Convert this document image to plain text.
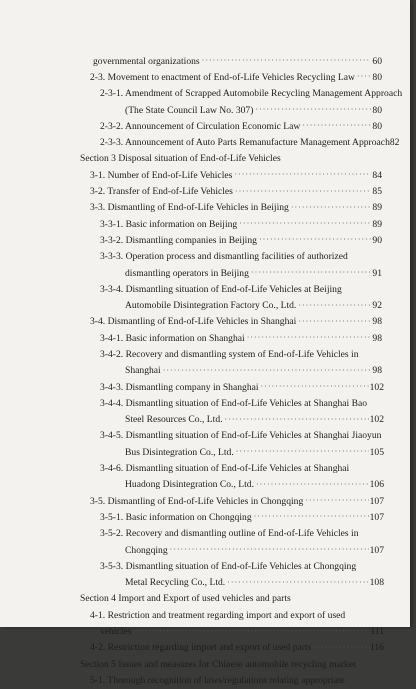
governmental organizations ·····	60
2-3. Movement to enactment of End-of-Life Vehicles Recycling Law ····· 80
2-3-1. Amendment of Scrapped Automobile Recycling Management Approach
(The State Council Law No. 307) ·····	80
2-3-2. Announcement of Circulation Economic Law ·····	80
2-3-3. Announcement of Auto Parts Remanufacture Management Approach 82
Section 3 Disposal situation of End-of-Life Vehicles
3-1. Number of End-of-Life Vehicles ·····	84
3-2. Transfer of End-of-Life Vehicles ·····	85
3-3. Dismantling of End-of-Life Vehicles in Beijing ·····	89
3-3-1. Basic information on Beijing ·····	89
3-3-2. Dismantling companies in Beijing ·····	90
3-3-3. Operation process and dismantling facilities of authorized
dismantling operators in Beijing ·····	91
3-3-4. Dismantling situation of End-of-Life Vehicles at Beijing
Automobile Disintegration Factory Co., Ltd. ·····	92
3-4. Dismantling of End-of-Life Vehicles in Shanghai ·····	98
3-4-1. Basic information on Shanghai ·····	98
3-4-2. Recovery and dismantling system of End-of-Life Vehicles in
Shanghai ·····	98
3-4-3. Dismantling company in Shanghai ·····	102
3-4-4. Dismantling situation of End-of-Life Vehicles at Shanghai Bao
Steel Resources Co., Ltd. ·····	102
3-4-5. Dismantling situation of End-of-Life Vehicles at Shanghai Jiaoyun
Bus Disintegration Co., Ltd. ·····	105
3-4-6. Dismantling situation of End-of-Life Vehicles at Shanghai
Huadong Disintegration Co., Ltd. ·····	106
3-5. Dismantling of End-of-Life Vehicles in Chongqing ·····	107
3-5-1. Basic information on Chongqing ·····	107
3-5-2. Recovery and dismantling outline of End-of-Life Vehicles in
Chongqing ·····	107
3-5-3. Dismantling situation of End-of-Life Vehicles at Chongqing
Metal Recycling Co., Ltd. ·····	108
Section 4 Import and Export of used vehicles and parts
4-1. Restriction and treatment regarding import and export of used
vehicles ·····	111
4-2. Restriction regarding import and export of used parts ·····	116
Section 5 Issues and measures for Chinese automobile recycling market
5-1. Thorough recognition of laws/regulations relating appropriate
